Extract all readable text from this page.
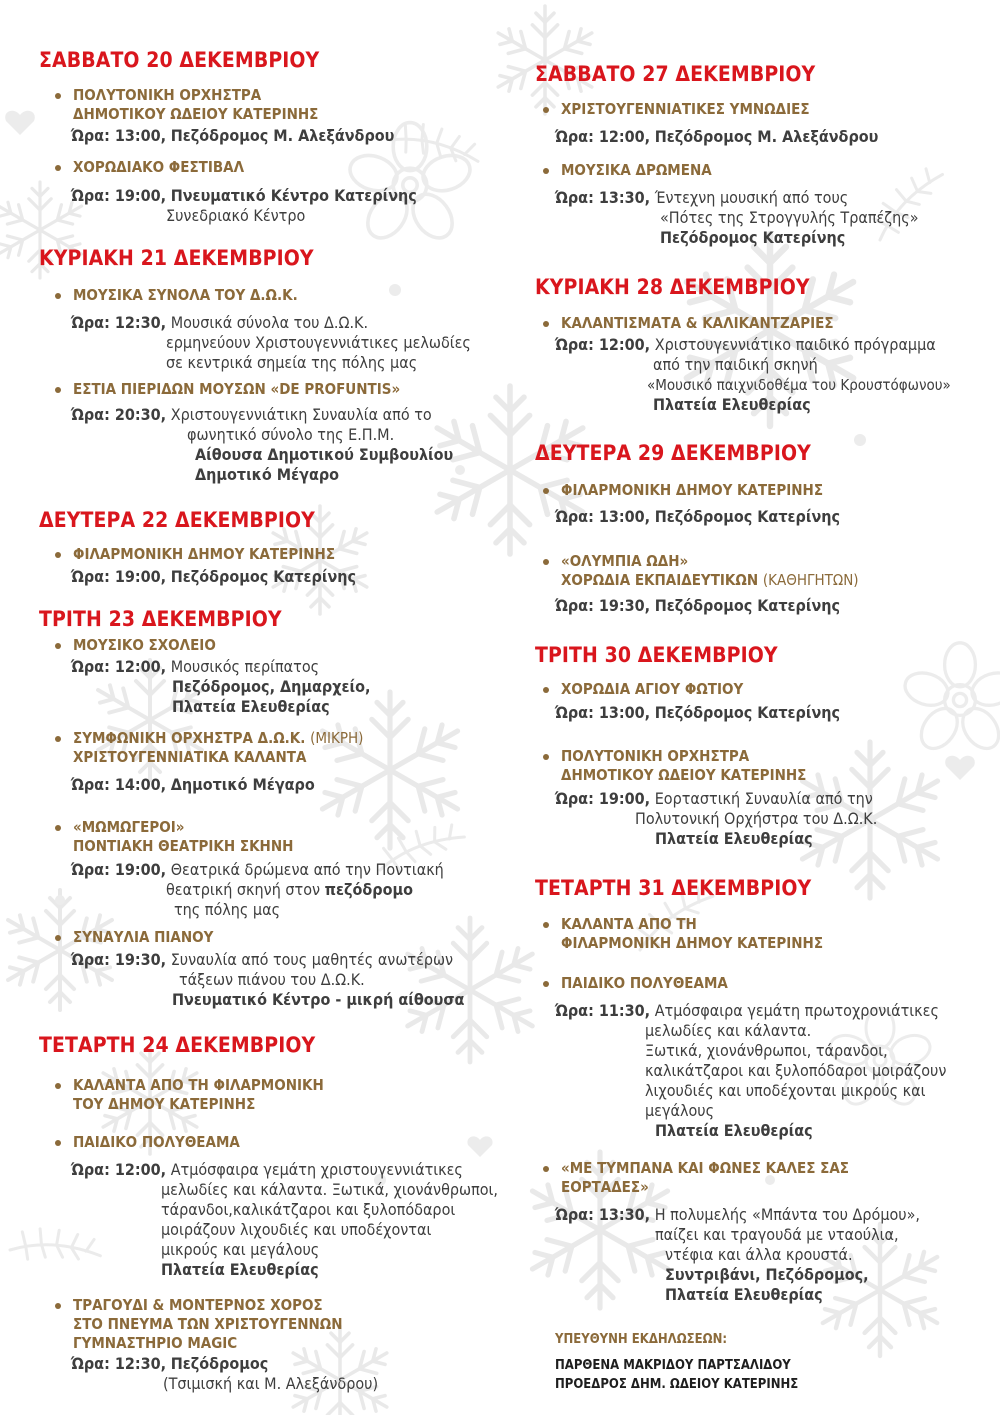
ΣΑΒΒΑΤΟ 20 ΔΕΚΕΜΒΡΙΟΥ
ΠΟΛΥΤΟΝΙΚΗ ΟΡΧΗΣΤΡΑ
ΔΗΜΟΤΙΚΟΥ ΩΔΕΙΟΥ ΚΑΤΕΡΙΝΗΣ
Ώρα: 13:00,
Πεζόδρομος Μ. Αλεξάνδρου
ΧΟΡΩΔΙΑΚΟ ΦΕΣΤΙΒΑΛ
Ώρα: 19:00,
Πνευματικό Κέντρο Κατερίνης
Συνεδριακό Κέντρο
ΚΥΡΙΑΚΗ 21 ΔΕΚΕΜΒΡΙΟΥ
ΜΟΥΣΙΚΑ ΣΥΝΟΛΑ ΤΟΥ Δ.Ω.Κ.
Ώρα: 12:30,
Μουσικά σύνολα του Δ.Ω.Κ.
ερμηνεύουν Χριστουγεννιάτικες μελωδίες
σε κεντρικά σημεία της πόλης μας
ΕΣΤΙΑ ΠΙΕΡΙΔΩΝ ΜΟΥΣΩΝ «DE PROFUNTIS»
Ώρα: 20:30,
Χριστουγεννιάτικη Συναυλία από το
φωνητικό σύνολο της Ε.Π.Μ.
Αίθουσα Δημοτικού Συμβουλίου
Δημοτικό Μέγαρο
ΔΕΥΤΕΡΑ 22 ΔΕΚΕΜΒΡΙΟΥ
ΦΙΛΑΡΜΟΝΙΚΗ ΔΗΜΟΥ ΚΑΤΕΡΙΝΗΣ
Ώρα: 19:00,
Πεζόδρομος Κατερίνης
ΤΡΙΤΗ 23 ΔΕΚΕΜΒΡΙΟΥ
ΜΟΥΣΙΚΟ ΣΧΟΛΕΙΟ
Ώρα: 12:00,
Μουσικός περίπατος
Πεζόδρομος, Δημαρχείο,
Πλατεία Ελευθερίας
ΣΥΜΦΩΝΙΚΗ ΟΡΧΗΣΤΡΑ Δ.Ω.Κ. (ΜΙΚΡΗ)
ΧΡΙΣΤΟΥΓΕΝΝΙΑΤΙΚΑ ΚΑΛΑΝΤΑ
Ώρα: 14:00,
Δημοτικό Μέγαρο
«ΜΩΜΩΓΕΡΟΙ»
ΠΟΝΤΙΑΚΗ ΘΕΑΤΡΙΚΗ ΣΚΗΝΗ
Ώρα: 19:00,
Θεατρικά δρώμενα από την Ποντιακή
θεατρική σκηνή στον
πεζόδρομο
της πόλης μας
ΣΥΝΑΥΛΙΑ ΠΙΑΝΟΥ
Ώρα: 19:30,
Συναυλία από τους μαθητές ανωτέρων
τάξεων πιάνου του Δ.Ω.Κ.
Πνευματικό Κέντρο - μικρή αίθουσα
ΤΕΤΑΡΤΗ 24 ΔΕΚΕΜΒΡΙΟΥ
ΚΑΛΑΝΤΑ ΑΠΟ ΤΗ ΦΙΛΑΡΜΟΝΙΚΗ
ΤΟΥ ΔΗΜΟΥ ΚΑΤΕΡΙΝΗΣ
ΠΑΙΔΙΚΟ ΠΟΛΥΘΕΑΜΑ
Ώρα: 12:00,
Ατμόσφαιρα γεμάτη χριστουγεννιάτικες
μελωδίες και κάλαντα. Ξωτικά, χιονάνθρωποι,
τάρανδοι,καλικάτζαροι και ξυλοπόδαροι
μοιράζουν λιχουδιές και υποδέχονται
μικρούς και μεγάλους
Πλατεία Ελευθερίας
ΤΡΑΓΟΥΔΙ & ΜΟΝΤΕΡΝΟΣ ΧΟΡΟΣ
ΣΤΟ ΠΝΕΥΜΑ ΤΩΝ ΧΡΙΣΤΟΥΓΕΝΝΩΝ
ΓΥΜΝΑΣΤΗΡΙΟ MAGIC
Ώρα: 12:30,
Πεζόδρομος
(Τσιμισκή και Μ. Αλεξάνδρου)
ΣΑΒΒΑΤΟ 27 ΔΕΚΕΜΒΡΙΟΥ
ΧΡΙΣΤΟΥΓΕΝΝΙΑΤΙΚΕΣ ΥΜΝΩΔΙΕΣ
Ώρα: 12:00,
Πεζόδρομος Μ. Αλεξάνδρου
ΜΟΥΣΙΚΑ ΔΡΩΜΕΝΑ
Ώρα: 13:30,
Έντεχνη μουσική από τους
«Πότες της Στρογγυλής Τραπέζης»
Πεζόδρομος Κατερίνης
ΚΥΡΙΑΚΗ 28 ΔΕΚΕΜΒΡΙΟΥ
ΚΑΛΑΝΤΙΣΜΑΤΑ & ΚΑΛΙΚΑΝΤΖΑΡΙΕΣ
Ώρα: 12:00,
Χριστουγεννιάτικο παιδικό πρόγραμμα
από την παιδική σκηνή
«Μουσικό παιχνιδοθέμα του Κρουστόφωνου»
Πλατεία Ελευθερίας
ΔΕΥΤΕΡΑ 29 ΔΕΚΕΜΒΡΙΟΥ
ΦΙΛΑΡΜΟΝΙΚΗ ΔΗΜΟΥ ΚΑΤΕΡΙΝΗΣ
Ώρα: 13:00,
Πεζόδρομος Κατερίνης
«ΟΛΥΜΠΙΑ ΩΔΗ»
ΧΟΡΩΔΙΑ ΕΚΠΑΙΔΕΥΤΙΚΩΝ (ΚΑΘΗΓΗΤΩΝ)
Ώρα: 19:30,
Πεζόδρομος Κατερίνης
ΤΡΙΤΗ 30 ΔΕΚΕΜΒΡΙΟΥ
ΧΟΡΩΔΙΑ ΑΓΙΟΥ ΦΩΤΙΟΥ
Ώρα: 13:00,
Πεζόδρομος Κατερίνης
ΠΟΛΥΤΟΝΙΚΗ ΟΡΧΗΣΤΡΑ
ΔΗΜΟΤΙΚΟΥ ΩΔΕΙΟΥ ΚΑΤΕΡΙΝΗΣ
Ώρα: 19:00,
Εορταστική Συναυλία από την
Πολυτονική Ορχήστρα του Δ.Ω.Κ.
Πλατεία Ελευθερίας
ΤΕΤΑΡΤΗ 31 ΔΕΚΕΜΒΡΙΟΥ
ΚΑΛΑΝΤΑ ΑΠΟ ΤΗ
ΦΙΛΑΡΜΟΝΙΚΗ ΔΗΜΟΥ ΚΑΤΕΡΙΝΗΣ
ΠΑΙΔΙΚΟ ΠΟΛΥΘΕΑΜΑ
Ώρα: 11:30,
Ατμόσφαιρα γεμάτη πρωτοχρονιάτικες
μελωδίες και κάλαντα.
Ξωτικά, χιονάνθρωποι, τάρανδοι,
καλικάτζαροι και ξυλοπόδαροι μοιράζουν
λιχουδιές και υποδέχονται μικρούς και
μεγάλους
Πλατεία Ελευθερίας
«ΜΕ ΤΥΜΠΑΝΑ ΚΑΙ ΦΩΝΕΣ ΚΑΛΕΣ ΣΑΣ
ΕΟΡΤΑΔΕΣ»
Ώρα: 13:30,
Η πολυμελής «Μπάντα του Δρόμου»,
παίζει και τραγουδά με νταούλια,
ντέφια και άλλα κρουστά.
Συντριβάνι, Πεζόδρομος,
Πλατεία Ελευθερίας
ΥΠΕΥΘΥΝΗ ΕΚΔΗΛΩΣΕΩΝ:
ΠΑΡΘΕΝΑ ΜΑΚΡΙΔΟΥ ΠΑΡΤΣΑΛΙΔΟΥ
ΠΡΟΕΔΡΟΣ ΔΗΜ. ΩΔΕΙΟΥ ΚΑΤΕΡΙΝΗΣ
